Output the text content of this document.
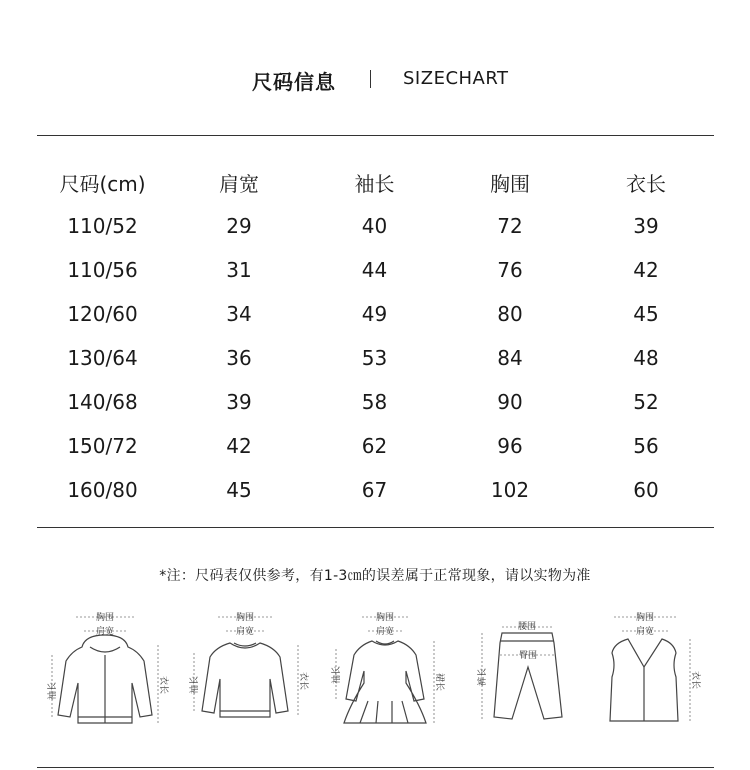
尺码信息	SIZECHART
尺码(cm)	肩宽	袖长	胸围	衣长
110/52	29	40	72	39
110/56	31	44	76	42
120/60	34	49	80	45
130/64	36	53	84	48
140/68	39	58	90	52
150/72	42	62	96	56
160/80	45	67	102	60
*注：尺码表仅供参考，有1-3㎝的误差属于正常现象，请以实物为准
胸围
肩宽
袖长	衣长
胸围
肩宽
袖长	衣长
胸围
肩宽
袖长	裙长
腰围
臀围
裤长
胸围
肩宽
衣长
